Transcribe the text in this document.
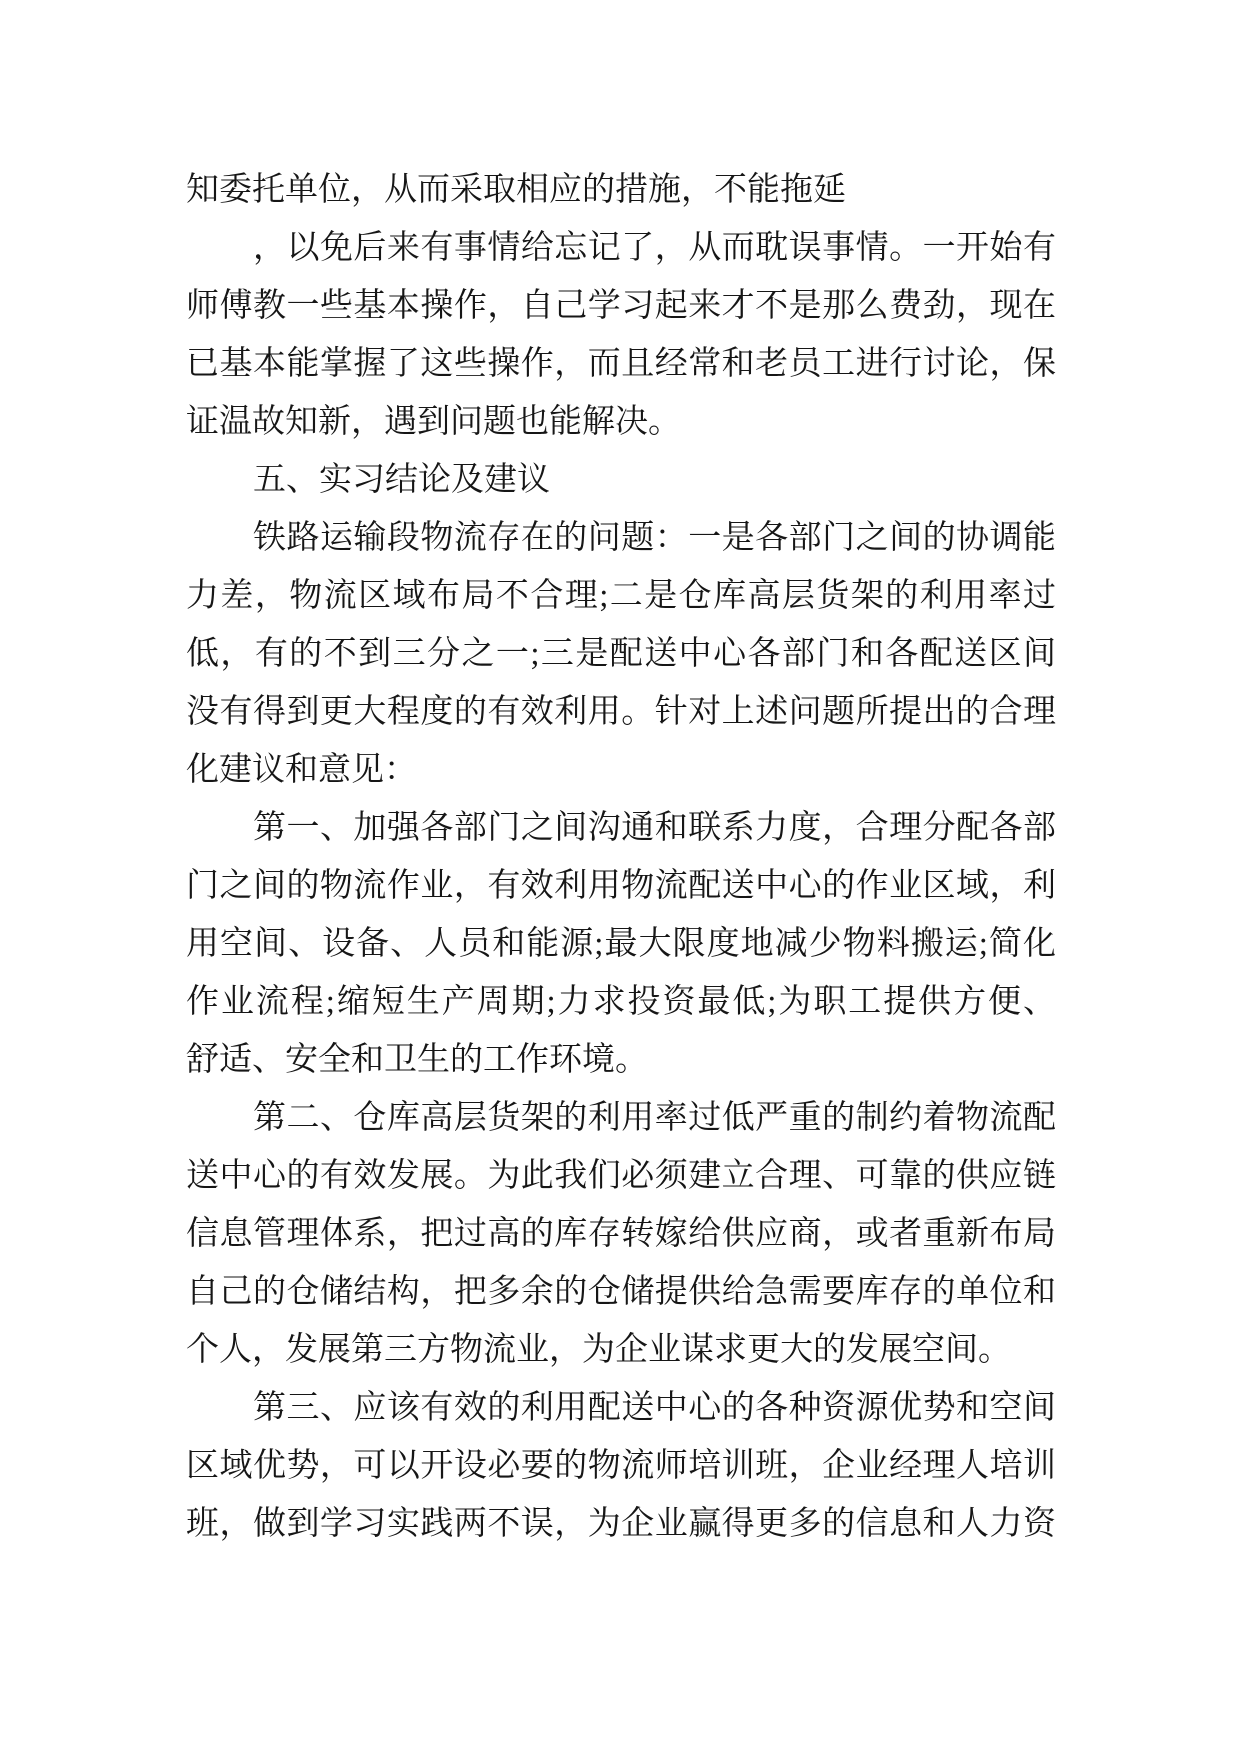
知委托单位，从而采取相应的措施，不能拖延
，以免后来有事情给忘记了，从而耽误事情。一开始有
师傅教一些基本操作，自己学习起来才不是那么费劲，现在
已基本能掌握了这些操作，而且经常和老员工进行讨论，保
证温故知新，遇到问题也能解决。
五、实习结论及建议
铁路运输段物流存在的问题：一是各部门之间的协调能
力差，物流区域布局不合理;二是仓库高层货架的利用率过
低，有的不到三分之一;三是配送中心各部门和各配送区间
没有得到更大程度的有效利用。针对上述问题所提出的合理
化建议和意见：
第一、加强各部门之间沟通和联系力度，合理分配各部
门之间的物流作业，有效利用物流配送中心的作业区域，利
用空间、设备、人员和能源;最大限度地减少物料搬运;简化
作业流程;缩短生产周期;力求投资最低;为职工提供方便、
舒适、安全和卫生的工作环境。
第二、仓库高层货架的利用率过低严重的制约着物流配
送中心的有效发展。为此我们必须建立合理、可靠的供应链
信息管理体系，把过高的库存转嫁给供应商，或者重新布局
自己的仓储结构，把多余的仓储提供给急需要库存的单位和
个人，发展第三方物流业，为企业谋求更大的发展空间。
第三、应该有效的利用配送中心的各种资源优势和空间
区域优势，可以开设必要的物流师培训班，企业经理人培训
班，做到学习实践两不误，为企业赢得更多的信息和人力资
